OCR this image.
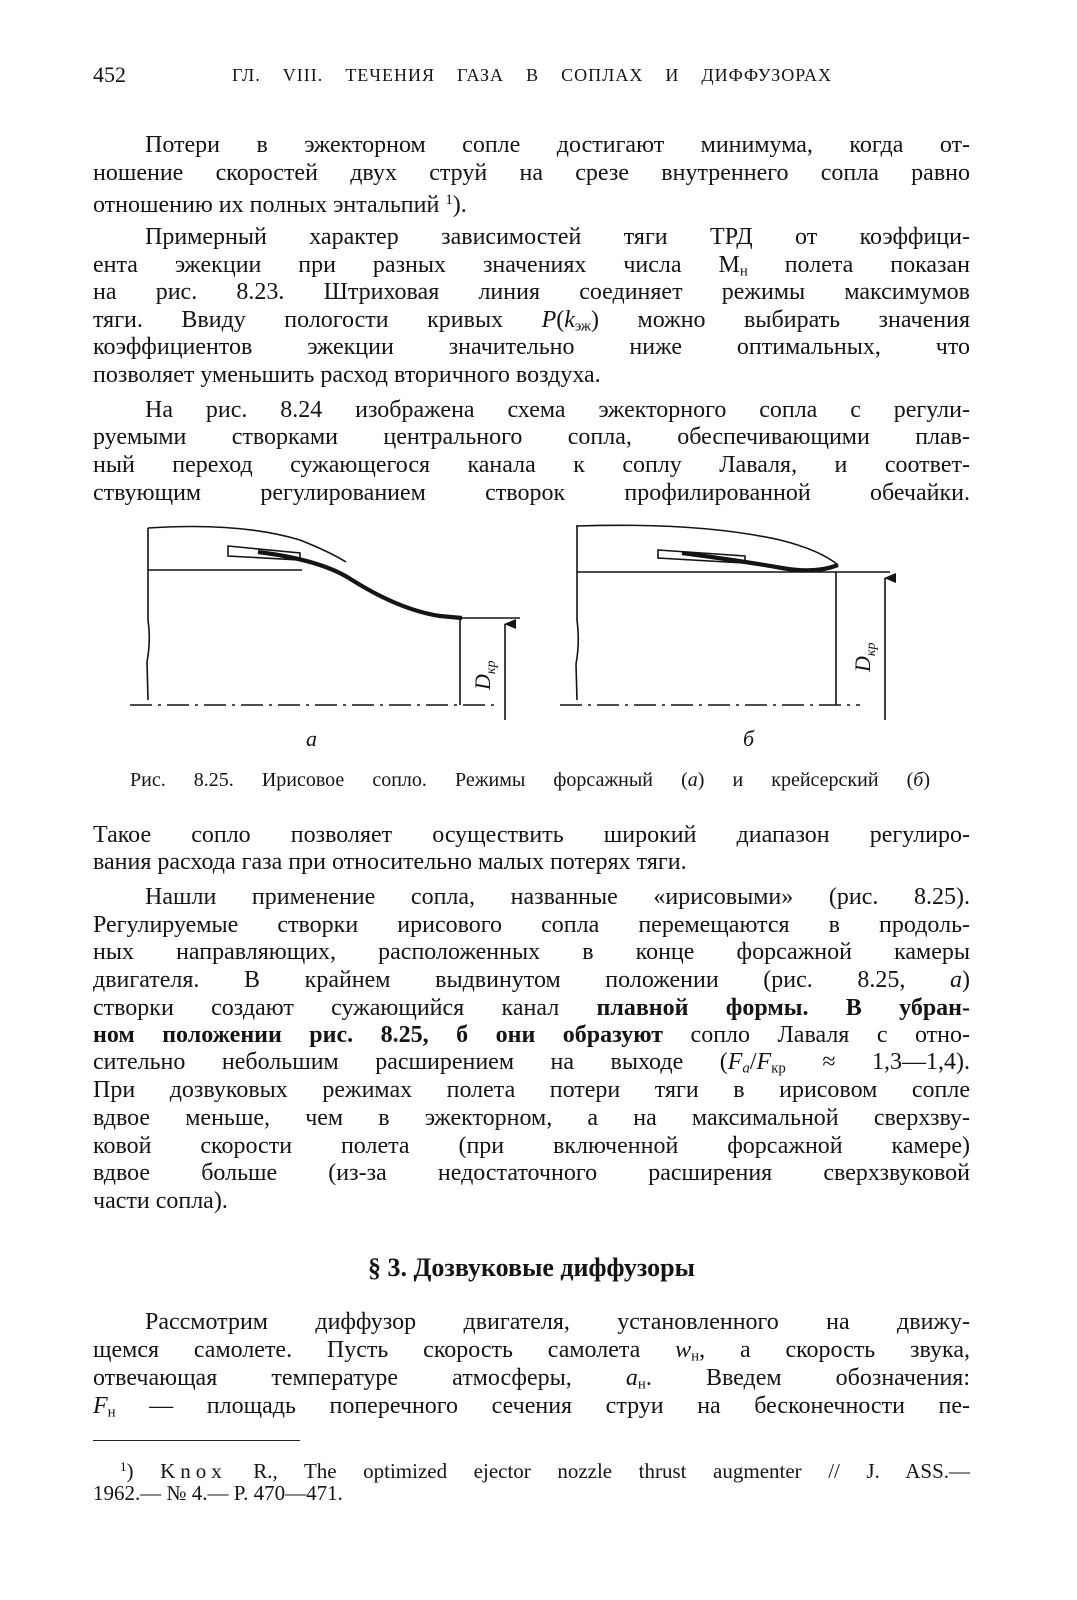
452	ГЛ. VIII. ТЕЧЕНИЯ ГАЗА В СОПЛАХ И ДИФФУЗОРАХ
Потери в эжекторном сопле достигают минимума, когда от-
ношение скоростей двух струй на срезе внутреннего сопла равно
отношению их полных энтальпий $^1$).
Примерный характер зависимостей тяги ТРД от коэффици-
ента эжекции при разных значениях числа Mн полета показан
на рис. 8.23. Штриховая линия соединяет режимы максимумов
тяги. Ввиду пологости кривых P(kэж) можно выбирать значения
коэффициентов эжекции значительно ниже оптимальных, что
позволяет уменьшить расход вторичного воздуха.
На рис. 8.24 изображена схема эжекторного сопла с регули-
руемыми створками центрального сопла, обеспечивающими плав-
ный переход сужающегося канала к соплу Лаваля, и соответ-
ствующим регулированием створок профилированной обечайки.
$D_{кр}$
а
$D_{кр}$
б
Рис. 8.25. Ирисовое сопло. Режимы форсажный (а) и крейсерский (б)
Такое сопло позволяет осуществить широкий диапазон регулиро-
вания расхода газа при относительно малых потерях тяги.
Нашли применение сопла, названные «ирисовыми» (рис. 8.25).
Регулируемые створки ирисового сопла перемещаются в продоль-
ных направляющих, расположенных в конце форсажной камеры
двигателя. В крайнем выдвинутом положении (рис. 8.25, а)
створки создают сужающийся канал плавной формы. В убран-
ном положении рис. 8.25, б они образуют сопло Лаваля с отно-
сительно небольшим расширением на выходе (Fa/Fкр ≈ 1,3—1,4).
При дозвуковых режимах полета потери тяги в ирисовом сопле
вдвое меньше, чем в эжекторном, а на максимальной сверхзву-
ковой скорости полета (при включенной форсажной камере)
вдвое больше (из-за недостаточного расширения сверхзвуковой
части сопла).
§ 3. Дозвуковые диффузоры
Рассмотрим диффузор двигателя, установленного на движу-
щемся самолете. Пусть скорость самолета wн, а скорость звука,
отвечающая температуре атмосферы, aн. Введем обозначения:
Fн — площадь поперечного сечения струи на бесконечности пе-
$^1$) Knox R., The optimized ejector nozzle thrust augmenter // J. ASS.—
1962.— № 4.— P. 470—471.
